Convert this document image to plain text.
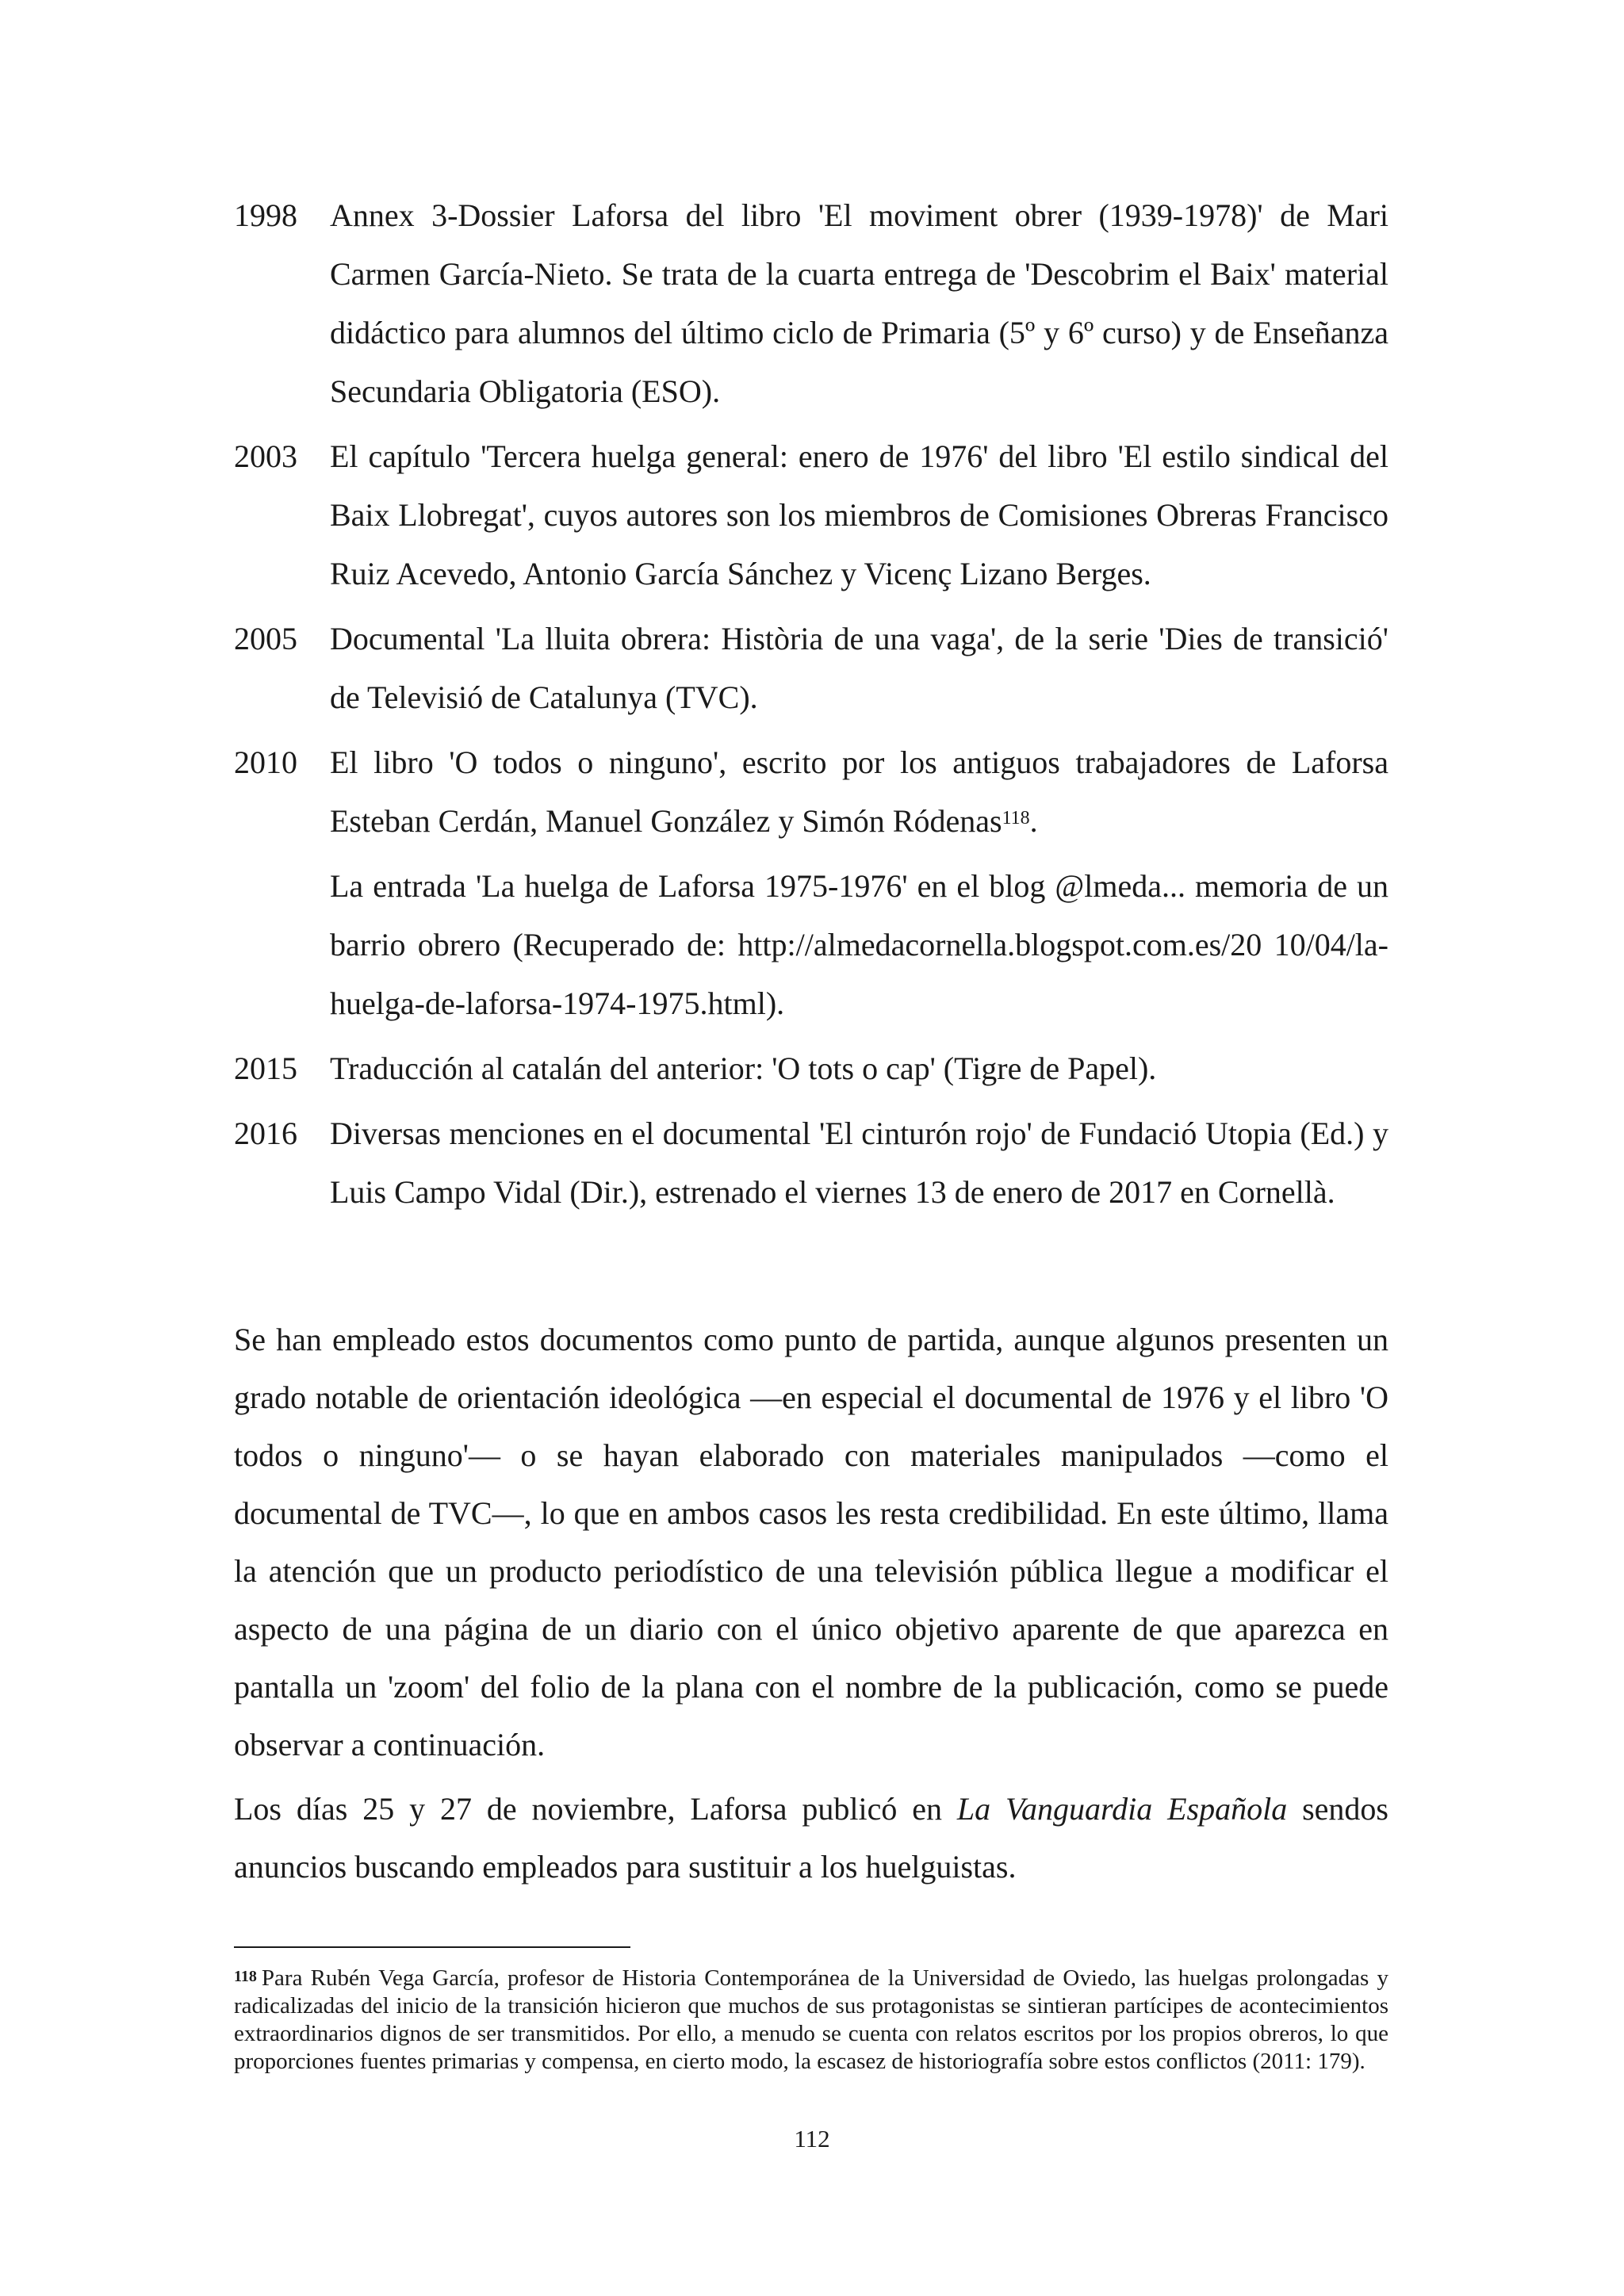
1998	Annex 3-Dossier Laforsa del libro 'El moviment obrer (1939-1978)' de Mari Carmen García-Nieto. Se trata de la cuarta entrega de 'Descobrim el Baix' material didáctico para alumnos del último ciclo de Primaria (5º y 6º curso) y de Enseñanza Secundaria Obligatoria (ESO).
2003	El capítulo 'Tercera huelga general: enero de 1976' del libro 'El estilo sindical del Baix Llobregat', cuyos autores son los miembros de Comisiones Obreras Francisco Ruiz Acevedo, Antonio García Sánchez y Vicenç Lizano Berges.
2005	Documental 'La lluita obrera: Història de una vaga', de la serie 'Dies de transició' de Televisió de Catalunya (TVC).
2010	El libro 'O todos o ninguno', escrito por los antiguos trabajadores de Laforsa Esteban Cerdán, Manuel González y Simón Ródenas$^{118}$.
La entrada 'La huelga de Laforsa 1975-1976' en el blog @lmeda... memoria de un barrio obrero (Recuperado de: http://almedacornella.blogspot.com.es/20 10/04/la-huelga-de-laforsa-1974-1975.html).
2015	Traducción al catalán del anterior: 'O tots o cap' (Tigre de Papel).
2016	Diversas menciones en el documental 'El cinturón rojo' de Fundació Utopia (Ed.) y Luis Campo Vidal (Dir.), estrenado el viernes 13 de enero de 2017 en Cornellà.

Se han empleado estos documentos como punto de partida, aunque algunos presenten un grado notable de orientación ideológica —en especial el documental de 1976 y el libro 'O todos o ninguno'— o se hayan elaborado con materiales manipulados —como el documental de TVC—, lo que en ambos casos les resta credibilidad. En este último, llama la atención que un producto periodístico de una televisión pública llegue a modificar el aspecto de una página de un diario con el único objetivo aparente de que aparezca en pantalla un 'zoom' del folio de la plana con el nombre de la publicación, como se puede observar a continuación.

Los días 25 y 27 de noviembre, Laforsa publicó en La Vanguardia Española sendos anuncios buscando empleados para sustituir a los huelguistas.

$^{118}$ Para Rubén Vega García, profesor de Historia Contemporánea de la Universidad de Oviedo, las huelgas prolongadas y radicalizadas del inicio de la transición hicieron que muchos de sus protagonistas se sintieran partícipes de acontecimientos extraordinarios dignos de ser transmitidos. Por ello, a menudo se cuenta con relatos escritos por los propios obreros, lo que proporciones fuentes primarias y compensa, en cierto modo, la escasez de historiografía sobre estos conflictos (2011: 179).

112
